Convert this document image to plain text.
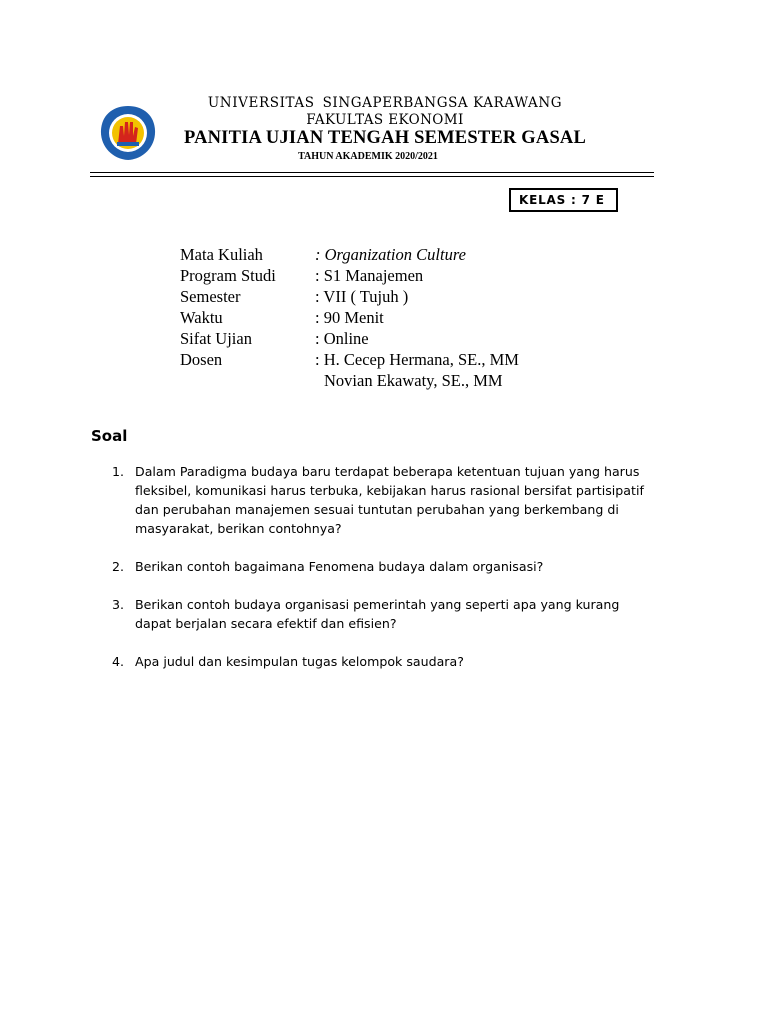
UNIVERSITAS SINGAPERBANGSA KARAWANG
FAKULTAS EKONOMI
PANITIA UJIAN TENGAH SEMESTER GASAL
TAHUN AKADEMIK 2020/2021
KELAS : 7 E
Mata Kuliah	: Organization Culture
Program Studi : S1 Manajemen
Semester	: VII ( Tujuh )
Waktu	: 90 Menit
Sifat Ujian	: Online
Dosen	: H. Cecep Hermana, SE., MM
Novian Ekawaty, SE., MM
Soal
1. Dalam Paradigma budaya baru terdapat beberapa ketentuan tujuan yang harus
fleksibel, komunikasi harus terbuka, kebijakan harus rasional bersifat partisipatif
dan perubahan manajemen sesuai tuntutan perubahan yang berkembang di
masyarakat, berikan contohnya?
2. Berikan contoh bagaimana Fenomena budaya dalam organisasi?
3. Berikan contoh budaya organisasi pemerintah yang seperti apa yang kurang
dapat berjalan secara efektif dan efisien?
4. Apa judul dan kesimpulan tugas kelompok saudara?
